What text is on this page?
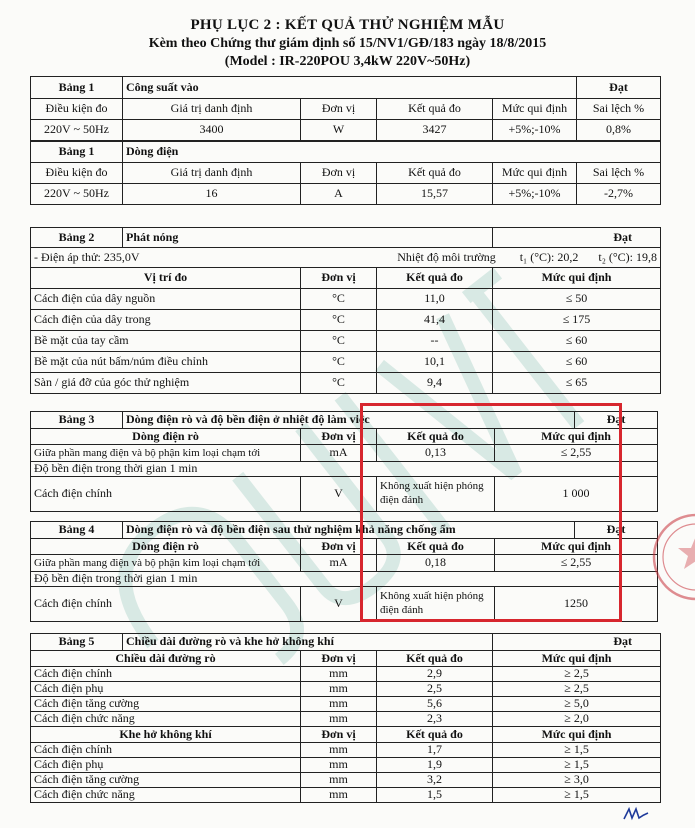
PHỤ LỤC 2 : KẾT QUẢ THỬ NGHIỆM MẪU
Kèm theo Chứng thư giám định số 15/NV1/GĐ/183 ngày 18/8/2015
(Model : IR-220POU 3,4kW 220V~50Hz)
Bảng 1	Công suất vào				Đạt
Điều kiện đo	Giá trị danh định	Đơn vị	Kết quả đo	Mức qui định	Sai lệch %
220V ~ 50Hz	3400	W	3427	+5%;-10%	0,8%
Bảng 1	Dòng điện				
Điều kiện đo	Giá trị danh định	Đơn vị	Kết quả đo	Mức qui định	Sai lệch %
220V ~ 50Hz	16	A	15,57	+5%;-10%	-2,7%
Bảng 2	Phát nóng			Đạt
- Điện áp thử: 235,0V			Nhiệt độ môi trường t₁ (°C): 20,2 t₂ (°C): 19,8	
Vị trí đo		Đơn vị	Kết quả đo	Mức qui định
Cách điện của dây nguồn		°C	11,0	≤ 50
Cách điện của dây trong		°C	41,4	≤ 175
Bề mặt của tay cầm		°C	--	≤ 60
Bề mặt của nút bấm/núm điều chỉnh		°C	10,1	≤ 60
Sàn / giá đỡ của góc thử nghiệm		°C	9,4	≤ 65
Bảng 3	Dòng điện rò và độ bền điện ở nhiệt độ làm việc				Đạt
Dòng điện rò		Đơn vị	Kết quả đo	Mức qui định	
Giữa phần mang điện và bộ phận kim loại chạm tới		mA	0,13	≤ 2,55	
Độ bền điện trong thời gian 1 min					
Cách điện chính		V	Không xuất hiện phóng điện đánh	1 000	
Bảng 4	Dòng điện rò và độ bền điện sau thử nghiệm khả năng chống ẩm				Đạt
Dòng điện rò		Đơn vị	Kết quả đo	Mức qui định	
Giữa phần mang điện và bộ phận kim loại chạm tới		mA	0,18	≤ 2,55	
Độ bền điện trong thời gian 1 min					
Cách điện chính		V	Không xuất hiện phóng điện đánh	1250	
Bảng 5	Chiều dài đường rò và khe hở không khí			Đạt
Chiều dài đường rò		Đơn vị	Kết quả đo	Mức qui định
Cách điện chính		mm	2,9	≥ 2,5
Cách điện phụ		mm	2,5	≥ 2,5
Cách điện tăng cường		mm	5,6	≥ 5,0
Cách điện chức năng		mm	2,3	≥ 2,0
Khe hở không khí		Đơn vị	Kết quả đo	Mức qui định
Cách điện chính		mm	1,7	≥ 1,5
Cách điện phụ		mm	1,9	≥ 1,5
Cách điện tăng cường		mm	3,2	≥ 3,0
Cách điện chức năng		mm	1,5	≥ 1,5
